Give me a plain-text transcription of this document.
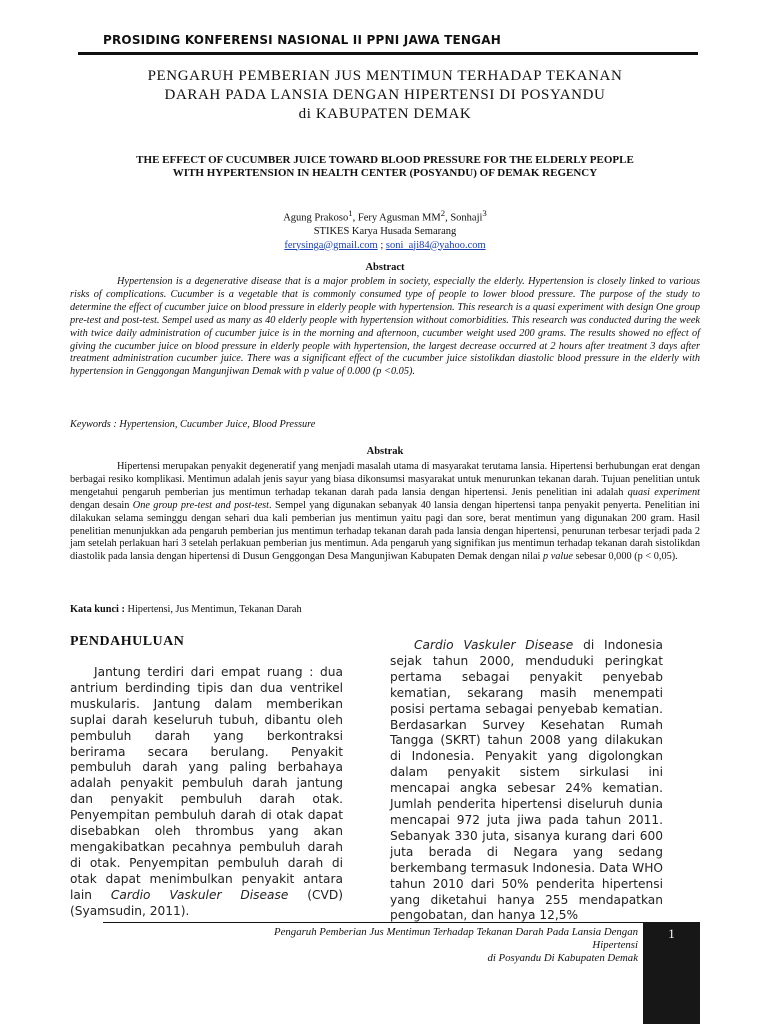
PROSIDING KONFERENSI NASIONAL II PPNI JAWA TENGAH
PENGARUH PEMBERIAN JUS MENTIMUN TERHADAP TEKANAN
DARAH PADA LANSIA DENGAN HIPERTENSI DI POSYANDU
di KABUPATEN DEMAK
THE EFFECT OF CUCUMBER JUICE TOWARD BLOOD PRESSURE FOR THE ELDERLY PEOPLE
WITH HYPERTENSION IN HEALTH CENTER (POSYANDU) OF DEMAK REGENCY
Agung Prakoso$^1$, Fery Agusman $MM^2$, Sonhaji$^3$
STIKES Karya Husada Semarang
ferysinga@gmail.com ; soni_aji84@yahoo.com
Abstract

Hypertension is a degenerative disease that is a major problem in society, especially the elderly. Hypertension is closely linked to various risks of complications. Cucumber is a vegetable that is commonly consumed type of people to lower blood pressure. The purpose of the study to determine the effect of cucumber juice on blood pressure in elderly people with hypertension. This research is a quasi experiment with design One group pre-test and post-test. Sempel used as many as 40 elderly people with hypertension without comorbidities. This research was conducted during the week with twice daily administration of cucumber juice is in the morning and afternoon, cucumber weight used 200 grams. The results showed no effect of giving the cucumber juice on blood pressure in elderly people with hypertension, the largest decrease occurred at 2 hours after treatment 3 days after treatment administration cucumber juice. There was a significant effect of the cucumber juice sistolikdan diastolic blood pressure in the elderly with hypertension in Genggongan Mangunjiwan Demak with p value of 0.000 (p <0.05).

Keywords : Hypertension, Cucumber Juice, Blood Pressure
Abstrak

Hipertensi merupakan penyakit degeneratif yang menjadi masalah utama di masyarakat terutama lansia. Hipertensi berhubungan erat dengan berbagai resiko komplikasi. Mentimun adalah jenis sayur yang biasa dikonsumsi masyarakat untuk menurunkan tekanan darah. Tujuan penelitian untuk mengetahui pengaruh pemberian jus mentimun terhadap tekanan darah pada lansia dengan hipertensi. Jenis penelitian ini adalah quasi experiment dengan desain One group pre-test and post-test. Sempel yang digunakan sebanyak 40 lansia dengan hipertensi tanpa penyakit penyerta. Penelitian ini dilakukan selama seminggu dengan sehari dua kali pemberian jus mentimun yaitu pagi dan sore, berat mentimun yang digunakan 200 gram. Hasil penelitian menunjukkan ada pengaruh pemberian jus mentimun terhadap tekanan darah pada lansia dengan hipertensi, penurunan terbesar terjadi pada 2 jam setelah perlakuan hari 3 setelah perlakuan pemberian jus mentimun. Ada pengaruh yang signifikan jus mentimun terhadap tekanan darah sistolikdan diastolik pada lansia dengan hipertensi di Dusun Genggongan Desa Mangunjiwan Kabupaten Demak dengan nilai p value sebesar 0,000 (p < 0,05).

Kata kunci : Hipertensi, Jus Mentimun, Tekanan Darah
PENDAHULUAN

Jantung terdiri dari empat ruang : dua antrium berdinding tipis dan dua ventrikel muskularis. Jantung dalam memberikan suplai darah keseluruh tubuh, dibantu oleh pembuluh darah yang berkontraksi berirama secara berulang. Penyakit pembuluh darah yang paling berbahaya adalah penyakit pembuluh darah jantung dan penyakit pembuluh darah otak. Penyempitan pembuluh darah di otak dapat disebabkan oleh thrombus yang akan mengakibatkan pecahnya pembuluh darah di otak. Penyempitan pembuluh darah di otak dapat menimbulkan penyakit antara lain Cardio Vaskuler Disease (CVD) (Syamsudin, 2011).

Cardio Vaskuler Disease di Indonesia sejak tahun 2000, menduduki peringkat pertama sebagai penyakit penyebab kematian, sekarang masih menempati posisi pertama sebagai penyebab kematian. Berdasarkan Survey Kesehatan Rumah Tangga (SKRT) tahun 2008 yang dilakukan di Indonesia. Penyakit yang digolongkan dalam penyakit sistem sirkulasi ini mencapai angka sebesar 24% kematian. Jumlah penderita hipertensi diseluruh dunia mencapai 972 juta jiwa pada tahun 2011. Sebanyak 330 juta, sisanya kurang dari 600 juta berada di Negara yang sedang berkembang termasuk Indonesia. Data WHO tahun 2010 dari 50% penderita hipertensi yang diketahui hanya 255 mendapatkan pengobatan, dan hanya 12,5%

Pengaruh Pemberian Jus Mentimun Terhadap Tekanan Darah Pada Lansia Dengan
Hipertensi
di Posyandu Di Kabupaten Demak
1
